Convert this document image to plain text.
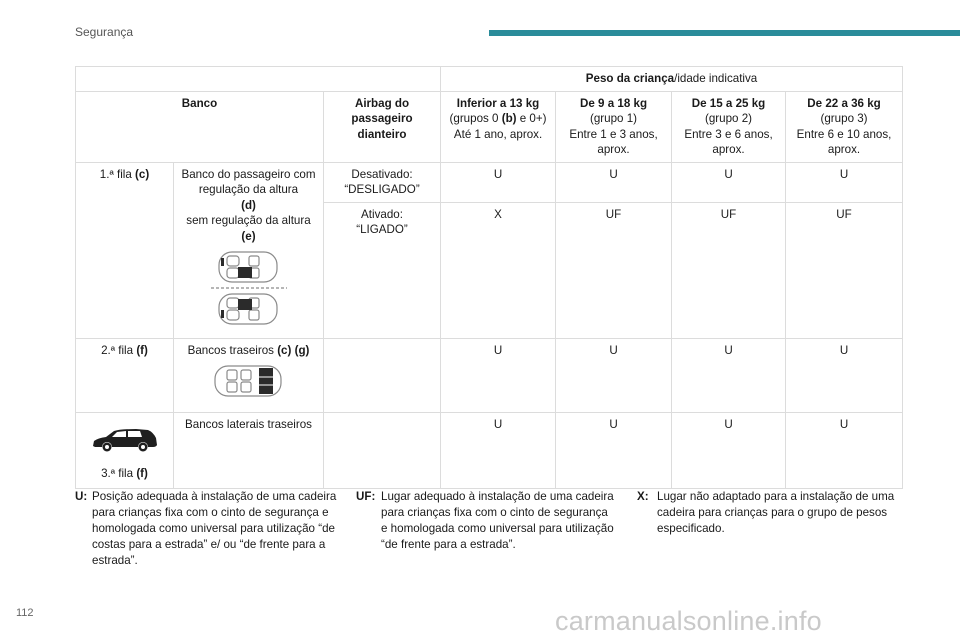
Segurança
			Peso da criança/idade indicativa			
Banco		Airbag do passageiro dianteiro	Inferior a 13 kg
(grupos 0 (b) e 0+)
Até 1 ano, aprox.	De 9 a 18 kg
(grupo 1)
Entre 1 e 3 anos, aprox.	De 15 a 25 kg
(grupo 2)
Entre 3 e 6 anos, aprox.	De 22 a 36 kg
(grupo 3)
Entre 6 e 10 anos, aprox.
1.ª fila (c)	Banco do passageiro com regulação da altura
(d)
sem regulação da altura
(e)	Desativado:
“DESLIGADO”	U	U	U	U
		Ativado:
“LIGADO”	X	UF	UF	UF
2.ª fila (f)	Bancos traseiros (c) (g)		U	U	U	U

3.ª fila (f)	Bancos laterais traseiros		U	U	U	U
U: Posição adequada à instalação de uma cadeira para crianças fixa com o cinto de segurança e homologada como universal para utilização “de costas para a estrada” e/ ou “de frente para a estrada”.
UF: Lugar adequado à instalação de uma cadeira para crianças fixa com o cinto de segurança e homologada como universal para utilização “de frente para a estrada”.
X: Lugar não adaptado para a instalação de uma cadeira para crianças para o grupo de pesos especificado.
112	carmanualsonline.info
